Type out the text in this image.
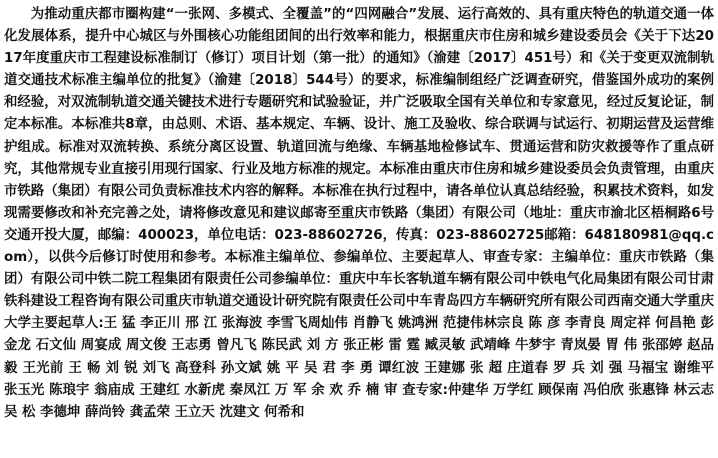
为推动重庆都市圈构建“一张网、多模式、全覆盖”的“四网融合”发展、运行高效的、具有重庆特色的轨道交通一体化发展体系，提升中心城区与外围核心功能组团间的出行效率和能力，根据重庆市住房和城乡建设委员会《关于下达2017年度重庆市工程建设标准制订（修订）项目计划（第一批）的通知》（渝建〔2017〕451号）和《关于变更双流制轨道交通技术标准主编单位的批复》（渝建〔2018〕544号）的要求，标准编制组经广泛调查研究，借鉴国外成功的案例和经验，对双流制轨道交通关键技术进行专题研究和试验验证，并广泛吸取全国有关单位和专家意见，经过反复论证，制定本标准。本标准共8章，由总则、术语、基本规定、车辆、设计、施工及验收、综合联调与试运行、初期运营及运营维护组成。标准对双流转换、系统分离区设置、轨道回流与绝缘、车辆基地检修试车、贯通运营和防灾救援等作了重点研究，其他常规专业直接引用现行国家、行业及地方标准的规定。本标准由重庆市住房和城乡建设委员会负责管理，由重庆市铁路（集团）有限公司负责标准技术内容的解释。本标准在执行过程中，请各单位认真总结经验，积累技术资料，如发现需要修改和补充完善之处，请将修改意见和建议邮寄至重庆市铁路（集团）有限公司（地址：重庆市渝北区梧桐路6号交通开投大厦，邮编：400023，单位电话：023-88602726，传真：023-88602725邮箱：648180981@qq.com），以供今后修订时使用和参考。本标准主编单位、参编单位、主要起草人、审查专家：主编单位：重庆市铁路（集团）有限公司中铁二院工程集团有限责任公司参编单位：重庆中车长客轨道车辆有限公司中铁电气化局集团有限公司甘肃铁科建设工程咨询有限公司重庆市轨道交通设计研究院有限责任公司中车青岛四方车辆研究所有限公司西南交通大学重庆大学主要起草人:王 猛 李正川 邢 江 张海波 李雪飞周灿伟 肖静飞 姚鸿洲 范捷伟林宗良 陈 彦 李青良 周定祥 何昌艳 彭金龙 石文仙 周宴成 周文俊 王志勇 曾凡飞 陈民武 刘 方 张正彬 雷 霆 臧灵敏 武靖峰 牛梦宇 青岚晏 胃 伟 张邵婷 赵品毅 王光前 王 畅 刘 锐 刘飞 高登科 孙文斌 姚 平 吴 君 李 勇 谭红波 王建娜 张 超 庄道春 罗 兵 刘 强 马福宝 谢维平 张玉光 陈琅宇 翁庙成 王建红 水新虎 秦凤江 万 军 余 欢 乔 楠 审 查专家:仲建华 万学红 顾保南 冯伯欣 张惠锋 林云志吴 松 李德坤 薛尚铃 龚孟荣 王立天 沈建文 何希和
